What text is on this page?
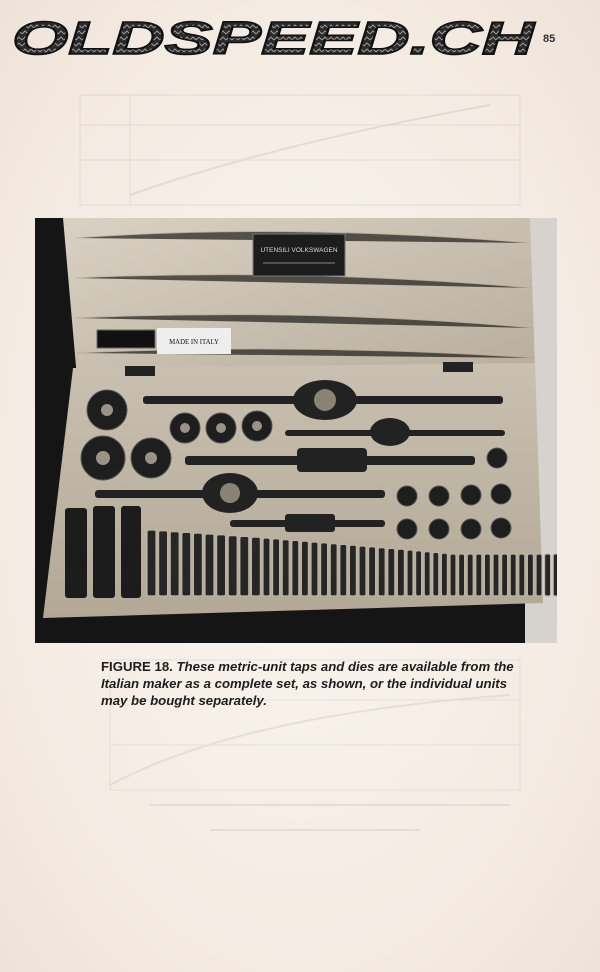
OLDSPEED.CH 85
UTENSILI VOLKSWAGEN
MADE IN ITALY
FIGURE 18. These metric-unit taps and dies are available from the Italian maker as a complete set, as shown, or the individual units may be bought separately.
